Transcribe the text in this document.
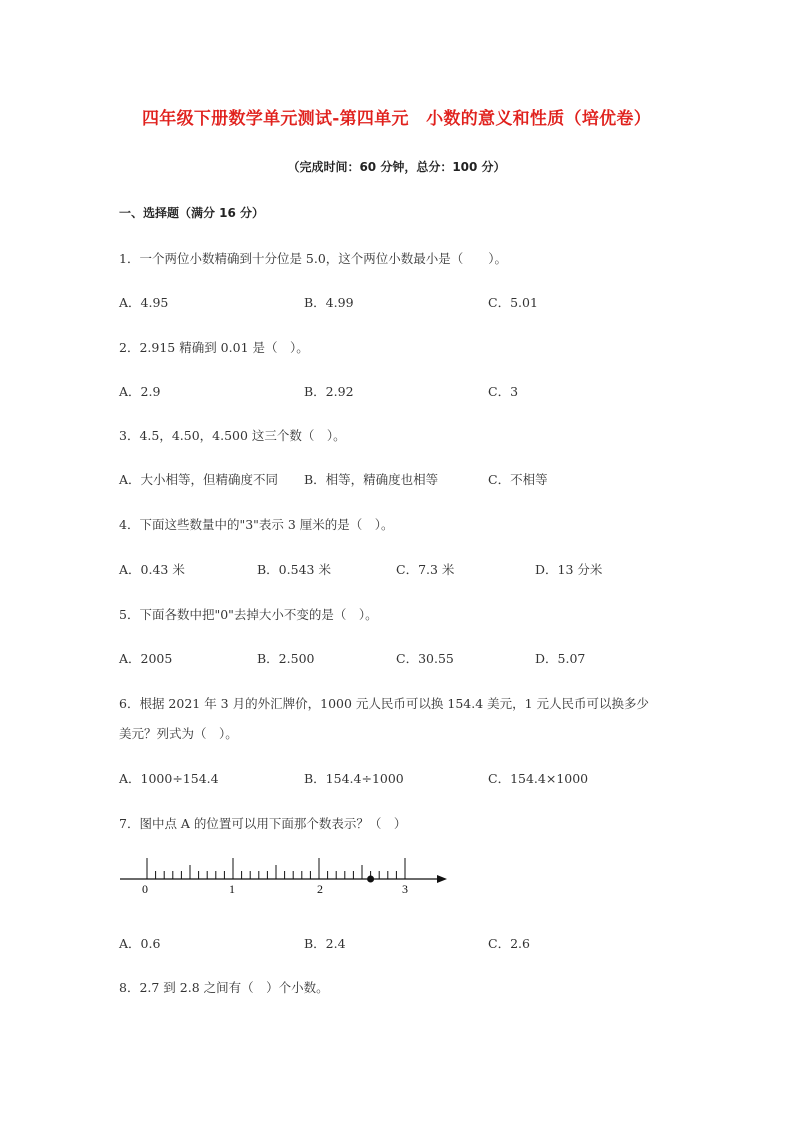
四年级下册数学单元测试-第四单元　小数的意义和性质（培优卷）
（完成时间：60 分钟，总分：100 分）
一、选择题（满分 16 分）
1．一个两位小数精确到十分位是 5.0，这个两位小数最小是（　　）。
A．4.95	B．4.99	C．5.01
2．2.915 精确到 0.01 是（　）。
A．2.9	B．2.92	C．3
3．4.5，4.50，4.500 这三个数（　）。
A．大小相等，但精确度不同 B．相等，精确度也相等	C．不相等
4．下面这些数量中的"3"表示 3 厘米的是（　）。
A．0.43 米	B．0.543 米	C．7.3 米	D．13 分米
5．下面各数中把"0"去掉大小不变的是（　）。
A．2005	B．2.500	C．30.55	D．5.07
6．根据 2021 年 3 月的外汇牌价，1000 元人民币可以换 154.4 美元，1 元人民币可以换多少
美元？列式为（　）。
A．1000÷154.4	B．154.4÷1000	C．154.4×1000
7．图中点 A 的位置可以用下面那个数表示？（　）
0	1	2	3
A．0.6	B．2.4	C．2.6
8．2.7 到 2.8 之间有（　）个小数。
